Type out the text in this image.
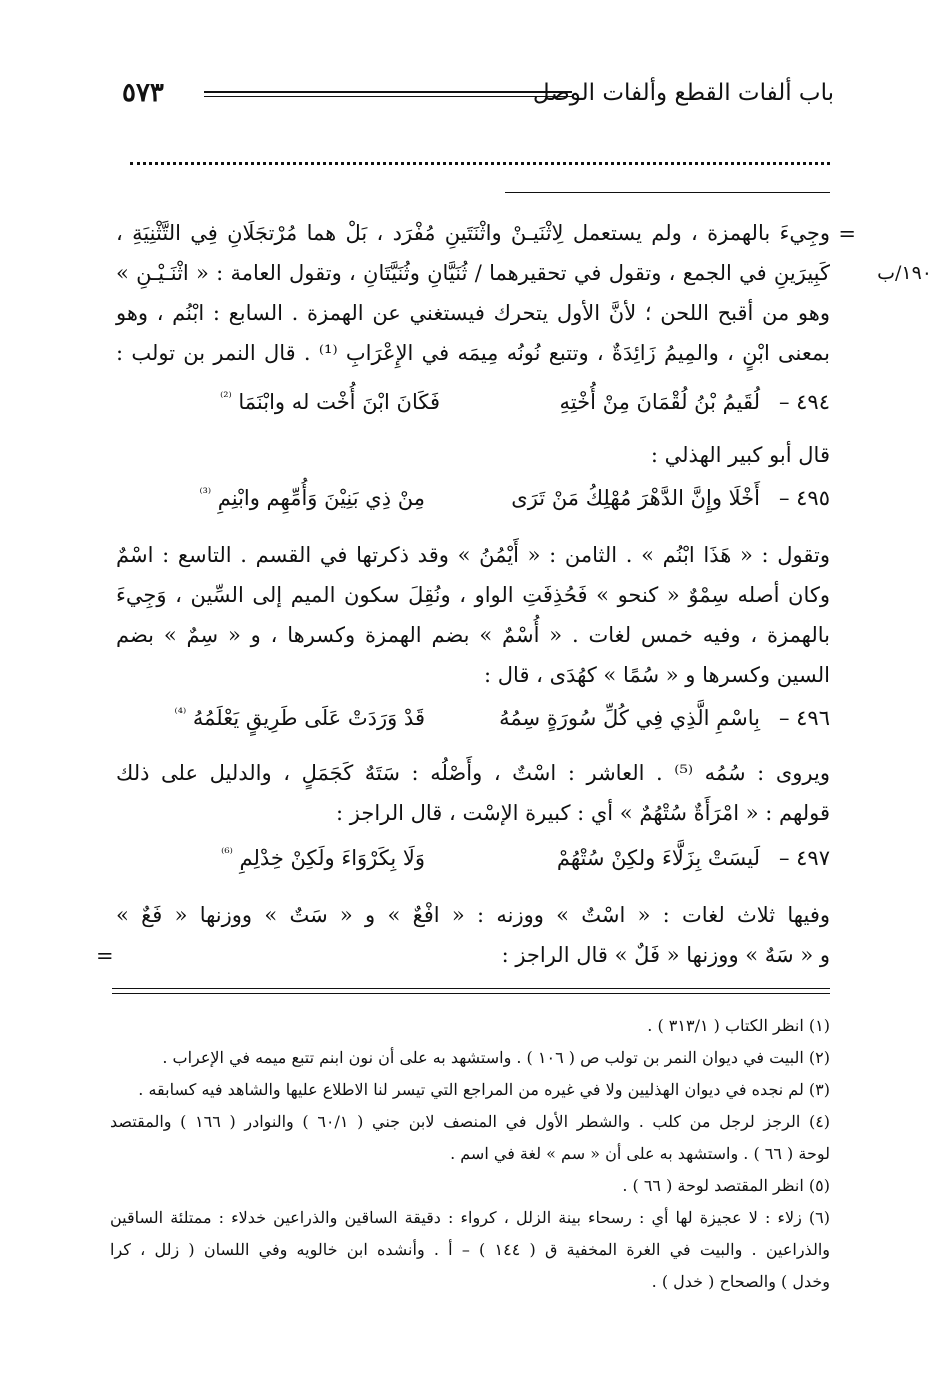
باب ألفات القطع وألفات الوصل
٥٧٣
=
١٩٠/ب
وجِيءَ بالهمزة ، ولم يستعمل لِاثْنَيـنْ واثْنَتَينِ مُفْرَد ، بَلْ هما مُرْتجَلَانِ فِي التَّثْنِيَةِ ،
كَبِيرَينِ في الجمع ، وتقول في تحقيرهما / ثُنَيَّانِ وثُنَيَّتَانِ ، وتقول العامة : « اثْنَـيْـنِ »
وهو من أقبح اللحن ؛ لأنَّ الأول يتحرك فيستغني عن الهمزة . السابع : ابْنُم ، وهو
بمعنى ابْنٍ ، والمِيمُ زَائِدَةٌ ، وتتبع نُونُه مِيمَه في الإِعْرَابِ ⁽¹⁾ . قال النمر بن تولب :
٤٩٤ –
لُقَيمُ بْنُ لُقْمَانَ مِنْ أُخْتِهِ
فَكَانَ ابْنَ أُخْت له وابْنَمَا $^{^{(2)}}$
قال أبو كبير الهذلي :
٤٩٥ –
أَخْلَا وإِنَّ الدَّهْرَ مُهْلِكُ مَنْ تَرَى
مِنْ ذِي بَنِيْنَ وَأُمِّهِم وابْنِمِ $^{^{(3)}}$
وتقول : « هَذَا ابْنُم » . الثامن : « أَيْمُنُ » وقد ذكرتها في القسم . التاسع : اسْمٌ
وكان أصله سِمْوٌ « كنحو » فَحُذِفَتِ الواو ، ونُقِلَ سكون الميم إلى السِّين ، وَجِيءَ
بالهمزة ، وفيه خمس لغات . « أُسْمٌ » بضم الهمزة وكسرها ، و « سِمٌ » بضم
السين وكسرها و « سُمًا » كهُدَى ، قال :
٤٩٦ –
بِاسْمِ الَّذِي فِي كُلِّ سُورَةٍ سِمُهُ
قَدْ وَرَدَتْ عَلَى طَرِيقٍ يَعْلَمُهُ $^{^{(4)}}$
ويروى : سُمُه ⁽⁵⁾ . العاشر : اسْتٌ ، وأَصْلُه : سَتَهٌ كَجَمَلٍ ، والدليل على ذلك
قولهم : « امْرَأَةٌ سُتْهُمٌ » أي : كبيرة الإسْت ، قال الراجز :
٤٩٧ –
لَيسَتْ بِزَلَّاءَ ولكِنْ سُتْهُمْ
وَلَا بِكَرْوَاءَ ولَكِنْ خِدْلِمِ $^{^{(6)}}$
وفيها ثلاث لغات : « اسْتٌ » ووزنه : « افْعٌ » و « سَتٌ » ووزنها « فَعٌ »
و « سَهٌ » ووزنها « فَلٌ » قال الراجز :
=
(١) انظر الكتاب ( ٣١٣/١ ) .
(٢) البيت في ديوان النمر بن تولب ص ( ١٠٦ ) . واستشهد به على أن نون ابنم تتبع ميمه في الإعراب .
(٣) لم نجده في ديوان الهذليين ولا في غيره من المراجع التي تيسر لنا الاطلاع عليها والشاهد فيه كسابقه .
(٤) الرجز لرجل من كلب . والشطر الأول في المنصف لابن جني ( ٦٠/١ ) والنوادر ( ١٦٦ ) والمقتصد
لوحة ( ٦٦ ) . واستشهد به على أن « سم » لغة في اسم .
(٥) انظر المقتصد لوحة ( ٦٦ ) .
(٦) زلاء : لا عجيزة لها أي : رسحاء بينة الزلل ، كرواء : دقيقة الساقين والذراعين خدلاء : ممتلئة الساقين
والذراعين . والبيت في الغرة المخفية ق ( ١٤٤ ) – أ . وأنشده ابن خالويه وفي اللسان ( زلل ، كرا
وخدل ) والصحاح ( خدل ) .
